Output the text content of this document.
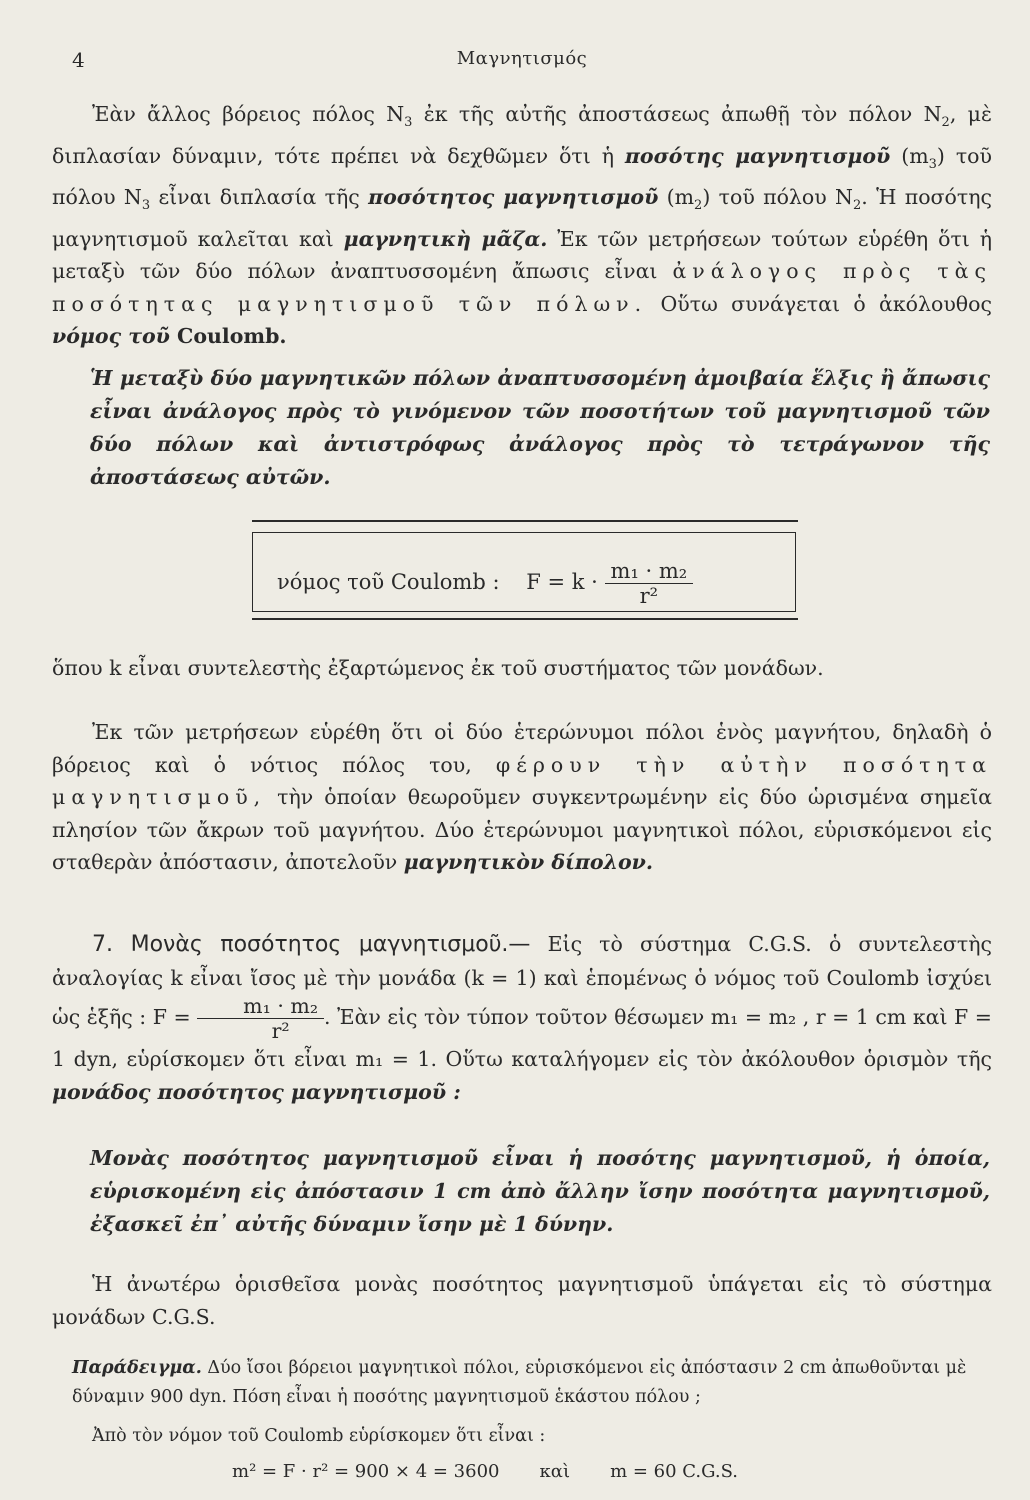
4	Μαγνητισμός

Ἐὰν ἄλλος βόρειος πόλος $N_3$ ἐκ τῆς αὐτῆς ἀποστάσεως ἀπωθῇ τὸν πόλον $N_2$, μὲ διπλασίαν δύναμιν, τότε πρέπει νὰ δεχθῶμεν ὅτι ἡ ποσότης μαγνητισμοῦ $(m_3)$ τοῦ πόλου $N_3$ εἶναι διπλασία τῆς ποσότητος μαγνητισμοῦ $(m_2)$ τοῦ πόλου $N_2$. Ἡ ποσότης μαγνητισμοῦ καλεῖται καὶ μαγνητικὴ μᾶζα. Ἐκ τῶν μετρήσεων τούτων εὑρέθη ὅτι ἡ μεταξὺ τῶν δύο πόλων ἀναπτυσσομένη ἄπωσις εἶναι ἀνάλογος πρὸς τὰς ποσότητας μαγνητισμοῦ τῶν πόλων. Οὕτω συνάγεται ὁ ἀκόλουθος νόμος τοῦ Coulomb.

Ἡ μεταξὺ δύο μαγνητικῶν πόλων ἀναπτυσσομένη ἀμοιβαία ἕλξις ἢ ἄπωσις εἶναι ἀνάλογος πρὸς τὸ γινόμενον τῶν ποσοτήτων τοῦ μαγνητισμοῦ τῶν δύο πόλων καὶ ἀντιστρόφως ἀνάλογος πρὸς τὸ τετράγωνον τῆς ἀποστάσεως αὐτῶν.

νόμος τοῦ Coulomb : $F = k \cdot \frac{\text{m₁ · m₂}}{\text{r²}}$

ὅπου k εἶναι συντελεστὴς ἐξαρτώμενος ἐκ τοῦ συστήματος τῶν μονάδων.

Ἐκ τῶν μετρήσεων εὑρέθη ὅτι οἱ δύο ἑτερώνυμοι πόλοι ἑνὸς μαγνήτου, δηλαδὴ ὁ βόρειος καὶ ὁ νότιος πόλος του, φέρουν τὴν αὐτὴν ποσότητα μαγνητισμοῦ, τὴν ὁποίαν θεωροῦμεν συγκεντρωμένην εἰς δύο ὡρισμένα σημεῖα πλησίον τῶν ἄκρων τοῦ μαγνήτου. Δύο ἑτερώνυμοι μαγνητικοὶ πόλοι, εὑρισκόμενοι εἰς σταθερὰν ἀπόστασιν, ἀποτελοῦν μαγνητικὸν δίπολον.

7. Μονὰς ποσότητος μαγνητισμοῦ.— Εἰς τὸ σύστημα C.G.S. ὁ συντελεστὴς ἀναλογίας k εἶναι ἴσος μὲ τὴν μονάδα (k = 1) καὶ ἑπομένως ὁ νόμος τοῦ Coulomb ἰσχύει ὡς ἑξῆς : $F = \frac{\text{m₁ · m₂}}{\text{r²}}$ . Ἐὰν εἰς τὸν τύπον τοῦτον θέσωμεν m₁ = m₂ , r = 1 cm καὶ F = 1 dyn, εὑρίσκομεν ὅτι εἶναι m₁ = 1. Οὕτω καταλήγομεν εἰς τὸν ἀκόλουθον ὁρισμὸν τῆς μονάδος ποσότητος μαγνητισμοῦ :

Μονὰς ποσότητος μαγνητισμοῦ εἶναι ἡ ποσότης μαγνητισμοῦ, ἡ ὁποία, εὑρισκομένη εἰς ἀπόστασιν 1 cm ἀπὸ ἄλλην ἴσην ποσότητα μαγνητισμοῦ, ἐξασκεῖ ἐπ᾽ αὐτῆς δύναμιν ἴσην μὲ 1 δύνην.

Ἡ ἀνωτέρω ὁρισθεῖσα μονὰς ποσότητος μαγνητισμοῦ ὑπάγεται εἰς τὸ σύστημα μονάδων C.G.S.

Παράδειγμα. Δύο ἴσοι βόρειοι μαγνητικοὶ πόλοι, εὑρισκόμενοι εἰς ἀπόστασιν 2 cm ἀπωθοῦνται μὲ δύναμιν 900 dyn. Πόση εἶναι ἡ ποσότης μαγνητισμοῦ ἑκάστου πόλου ;

Ἀπὸ τὸν νόμον τοῦ Coulomb εὑρίσκομεν ὅτι εἶναι :

m² = F · r² = 900 × 4 = 3600 καὶ m = 60 C.G.S.
